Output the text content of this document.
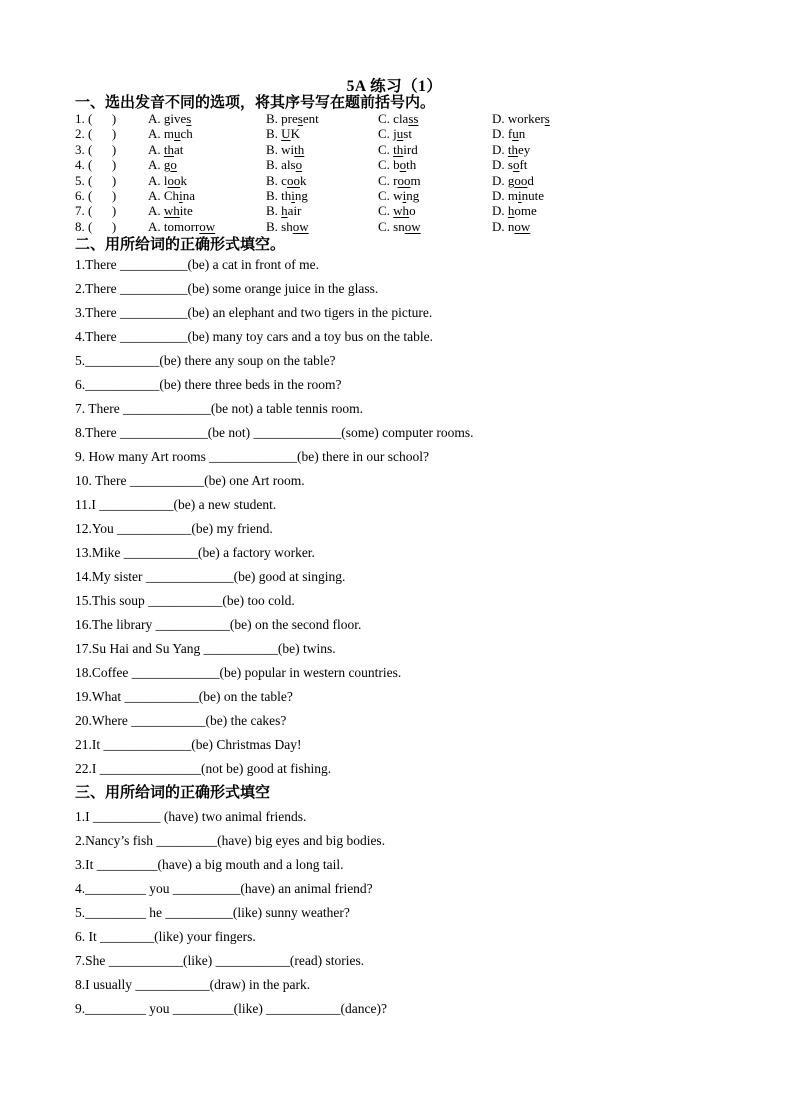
5A 练习（1）
一、选出发音不同的选项，将其序号写在题前括号内。
1. (      )	A. gives	B. present	C. class	D. workers
2. (      )	A. much	B. UK	C. just	D. fun
3. (      )	A. that	B. with	C. third	D. they
4. (      )	A. go	B. also	C. both	D. soft
5. (      )	A. look	B. cook	C. room	D. good
6. (      )	A. China	B. thing	C. wing	D. minute
7. (      )	A. white	B. hair	C. who	D. home
8. (      )	A. tomorrow	B. show	C. snow	D. now
二、用所给词的正确形式填空。
1.There __________(be) a cat in front of me.
2.There __________(be) some orange juice in the glass.
3.There __________(be) an elephant and two tigers in the picture.
4.There __________(be) many toy cars and a toy bus on the table.
5.___________(be) there any soup on the table?
6.___________(be) there three beds in the room?
7. There _____________(be not) a table tennis room.
8.There _____________(be not) _____________(some) computer rooms.
9. How many Art rooms _____________(be) there in our school?
10. There ___________(be) one Art room.
11.I ___________(be) a new student.
12.You ___________(be) my friend.
13.Mike ___________(be) a factory worker.
14.My sister _____________(be) good at singing.
15.This soup ___________(be) too cold.
16.The library ___________(be) on the second floor.
17.Su Hai and Su Yang ___________(be) twins.
18.Coffee _____________(be) popular in western countries.
19.What ___________(be) on the table?
20.Where ___________(be) the cakes?
21.It _____________(be) Christmas Day!
22.I _______________(not be) good at fishing.
三、用所给词的正确形式填空
1.I __________ (have) two animal friends.
2.Nancy’s fish _________(have) big eyes and big bodies.
3.It _________(have) a big mouth and a long tail.
4._________ you __________(have) an animal friend?
5._________ he __________(like) sunny weather?
6. It ________(like) your fingers.
7.She ___________(like) ___________(read) stories.
8.I usually ___________(draw) in the park.
9._________ you _________(like) ___________(dance)?
